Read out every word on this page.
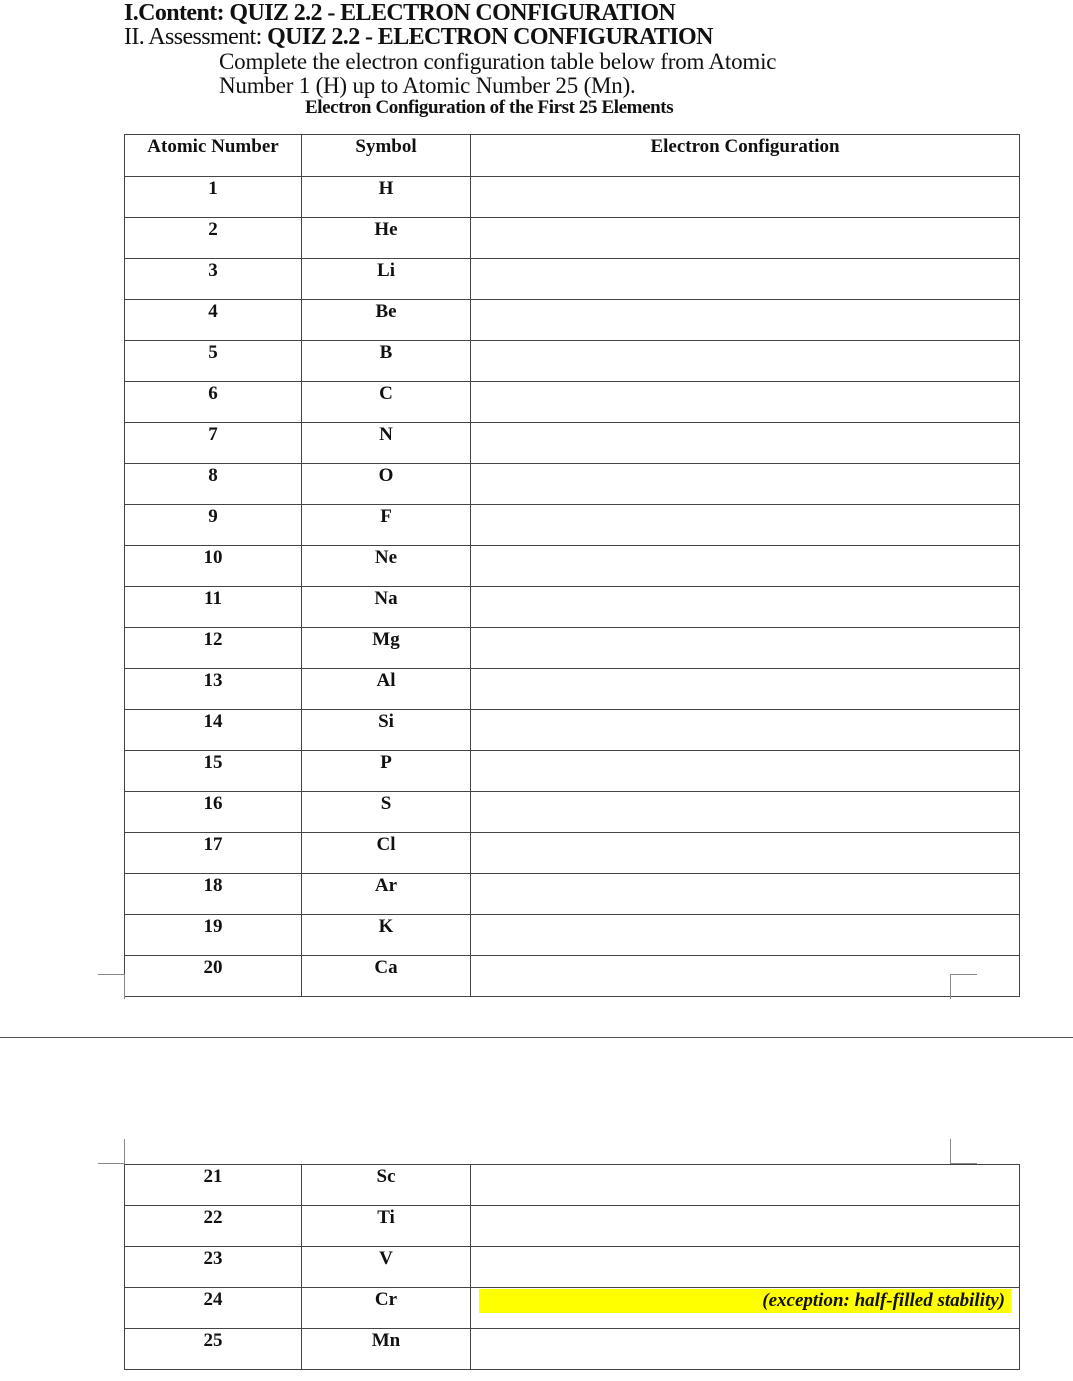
I.Content: QUIZ 2.2 - ELECTRON CONFIGURATION
II. Assessment: QUIZ 2.2 - ELECTRON CONFIGURATION
Complete the electron configuration table below from Atomic
Number 1 (H) up to Atomic Number 25 (Mn).
Electron Configuration of the First 25 Elements
Atomic Number	Symbol	Electron Configuration
1	H	
2	He	
3	Li	
4	Be	
5	B	
6	C	
7	N	
8	O	
9	F	
10	Ne	
11	Na	
12	Mg	
13	Al	
14	Si	
15	P	
16	S	
17	Cl	
18	Ar	
19	K	
20	Ca	
21	Sc	
22	Ti	
23	V	
24	Cr	(exception: half-filled stability)

25	Mn	
